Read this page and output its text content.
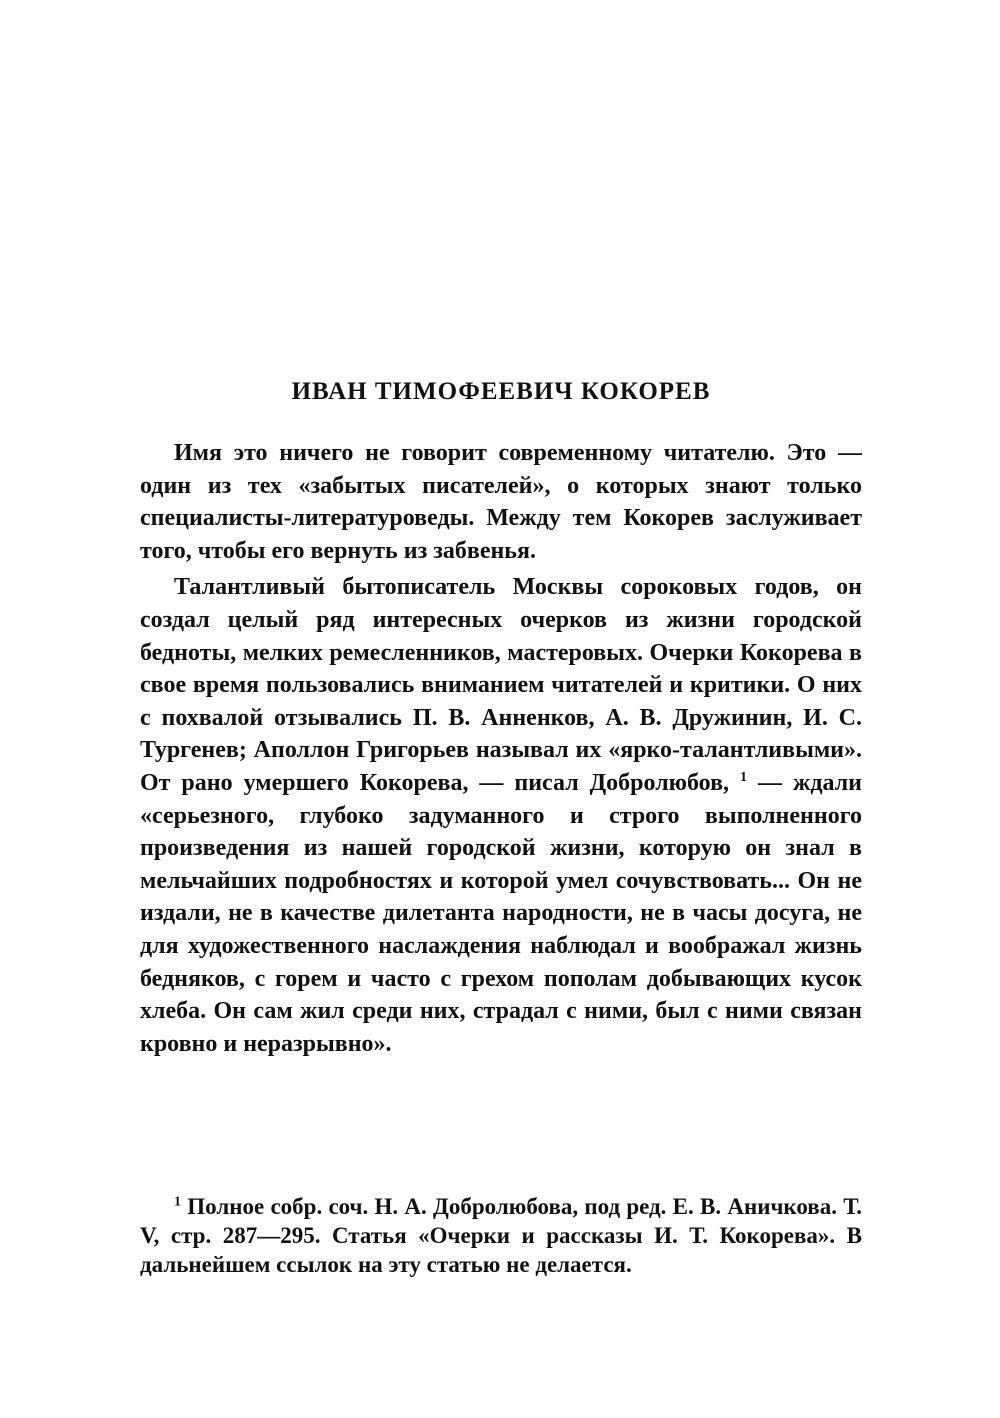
ИВАН ТИМОФЕЕВИЧ КОКОРЕВ

Имя это ничего не говорит современному читателю. Это — один из тех «забытых писателей», о которых знают только специалисты-литературоведы. Между тем Кокорев заслуживает того, чтобы его вернуть из забвенья.

Талантливый бытописатель Москвы сороковых годов, он создал целый ряд интересных очерков из жизни городской бедноты, мелких ремесленников, мастеровых. Очерки Кокорева в свое время пользовались вниманием читателей и критики. О них с похвалой отзывались П. В. Анненков, А. В. Дружинин, И. С. Тургенев; Аполлон Григорьев называл их «ярко-талантливыми». От рано умершего Кокорева, — писал Добролюбов, $^1$ — ждали «серьезного, глубоко задуманного и строго выполненного произведения из нашей городской жизни, которую он знал в мельчайших подробностях и которой умел сочувствовать... Он не издали, не в качестве дилетанта народности, не в часы досуга, не для художественного наслаждения наблюдал и воображал жизнь бедняков, с горем и часто с грехом пополам добывающих кусок хлеба. Он сам жил среди них, страдал с ними, был с ними связан кровно и неразрывно».

$^1$ Полное собр. соч. Н. А. Добролюбова, под ред. Е. В. Аничкова. Т. V, стр. 287—295. Статья «Очерки и рассказы И. Т. Кокорева». В дальнейшем ссылок на эту статью не делается.
